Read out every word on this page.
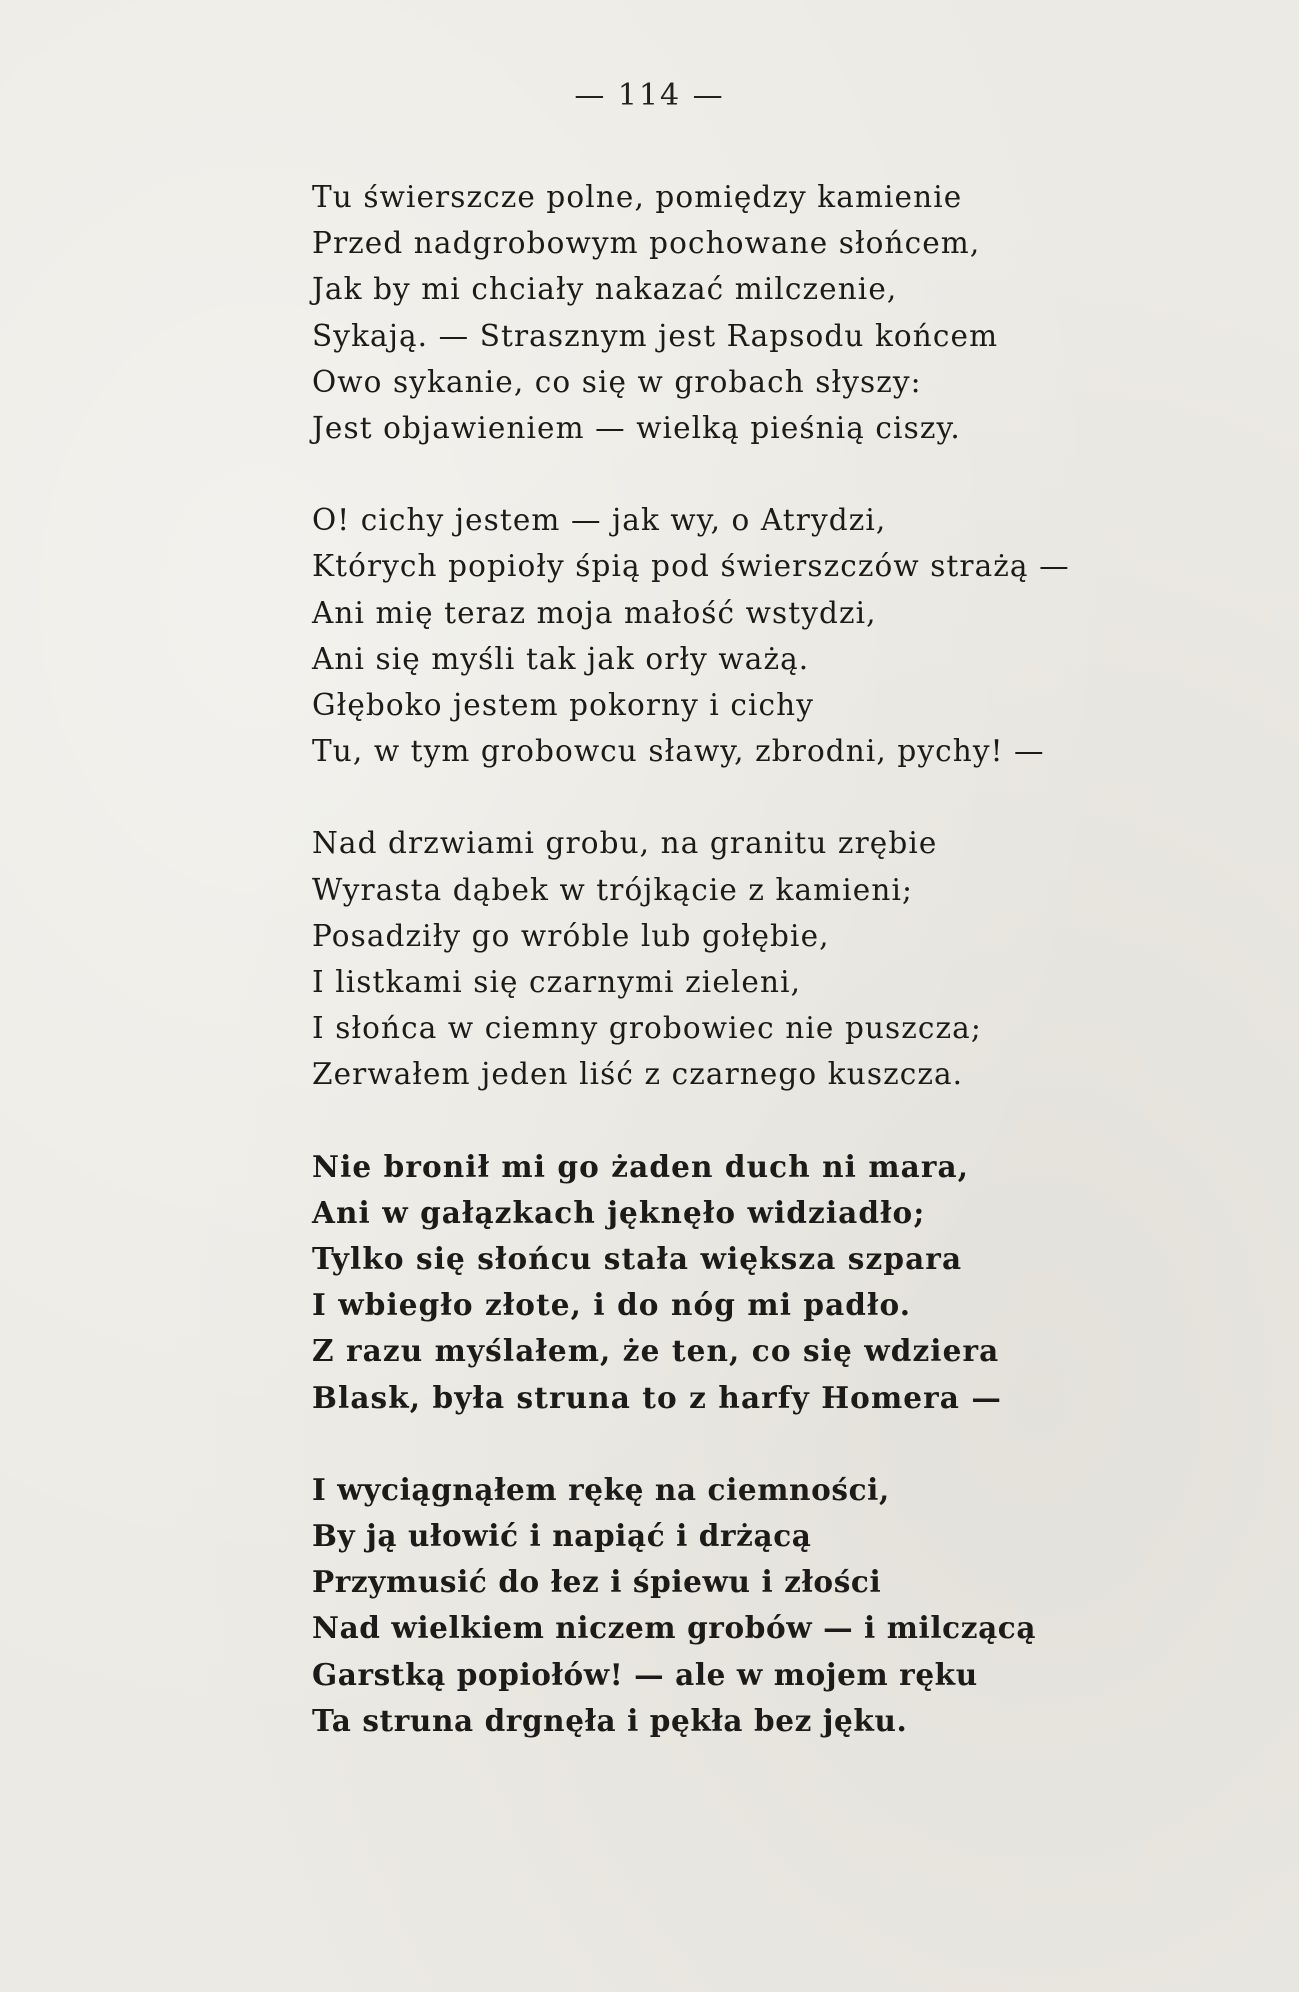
— 114 —
Tu świerszcze polne, pomiędzy kamienie
Przed nadgrobowym pochowane słońcem,
Jak by mi chciały nakazać milczenie,
Sykają. — Strasznym jest Rapsodu końcem
Owo sykanie, co się w grobach słyszy:
Jest objawieniem — wielką pieśnią ciszy.
O! cichy jestem — jak wy, o Atrydzi,
Których popioły śpią pod świerszczów strażą —
Ani mię teraz moja małość wstydzi,
Ani się myśli tak jak orły ważą.
Głęboko jestem pokorny i cichy
Tu, w tym grobowcu sławy, zbrodni, pychy! —
Nad drzwiami grobu, na granitu zrębie
Wyrasta dąbek w trójkącie z kamieni;
Posadziły go wróble lub gołębie,
I listkami się czarnymi zieleni,
I słońca w ciemny grobowiec nie puszcza;
Zerwałem jeden liść z czarnego kuszcza.
Nie bronił mi go żaden duch ni mara,
Ani w gałązkach jęknęło widziadło;
Tylko się słońcu stała większa szpara
I wbiegło złote, i do nóg mi padło.
Z razu myślałem, że ten, co się wdziera
Blask, była struna to z harfy Homera —
I wyciągnąłem rękę na ciemności,
By ją ułowić i napiąć i drżącą
Przymusić do łez i śpiewu i złości
Nad wielkiem niczem grobów — i milczącą
Garstką popiołów! — ale w mojem ręku
Ta struna drgnęła i pękła bez jęku.
